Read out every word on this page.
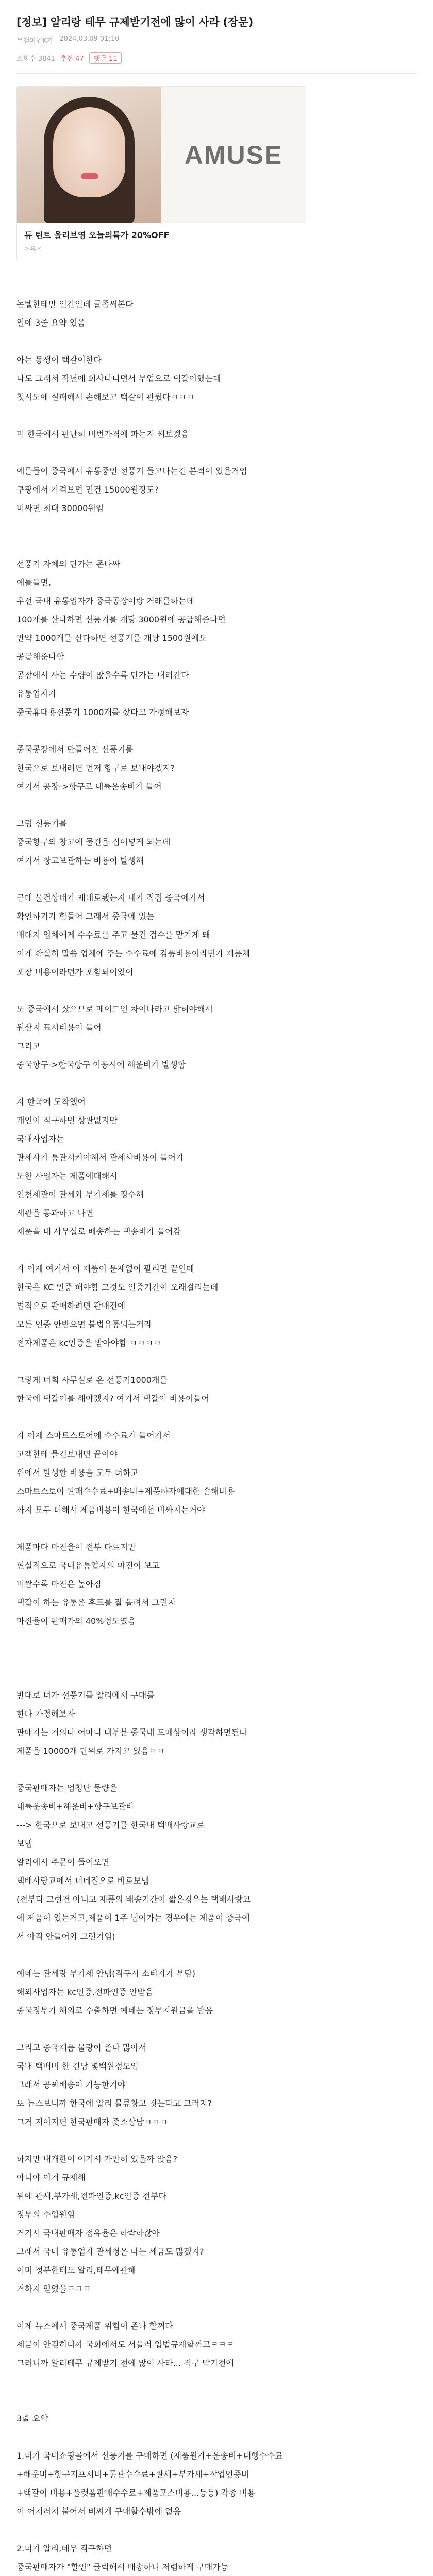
[정보] 알리랑 테무 규제받기전에 많이 사라 (장문)
무챔피언K가 2024.03.09 01:10
조회수 3841 추천 47	댓글 11
AMUSE
듀 틴트 올리브영 오늘의특가 20%OFF
어뮤즈

논텔한테만 인간인데 글좀써본다

일에 3줄 요약 있음

아는 동생이 택갈이한다

나도 그래서 작년에 회사다니면서 부업으로 택갈이했는데

첫시도에 실패해서 손해보고 택갈이 관뒀다ㅋㅋㅋ

미 한국에서 판난히 비번가격에 파는지 써보겠음

예를들어 중국에서 유통중인 선풍기 들고나는건 본적이 있을거임

쿠팡에서 가격보면 먼건 15000원정도?

비싸면 최대 30000원임

선풍기 자체의 단가는 존나싸

예를들면,

우선 국내 유통업자가 중국공장이랑 거래를하는데

100개를 산다하면 선풍기를 개당 3000원에 공급해준다면

만약 1000개를 산다하면 선풍기를 개당 1500원에도

공급해준다함

공장에서 사는 수량이 많을수록 단가는 내려간다

유통업자가

중국휴대용선풍기 1000개를 샀다고 가정해보자

중국공장에서 만들어진 선풍기를

한국으로 보내려면 먼저 항구로 보내야겠지?

여기서 공장->항구로 내륙운송비가 들어

그럼 선풍기를

중국항구의 창고에 물건을 집어넣게 되는데

여기서 창고보관하는 비용이 발생해

근데 물건상태가 제대로됐는지 내가 직접 중국에가서

확인하기가 힘들어 그래서 중국에 있는

배대지 업체에게 수수료를 주고 물건 검수를 맡기게 돼

이게 확실히 말씀 업체에 주는 수수료에 검품비용이라던가 제품체

포장 비용이라던가 포함되어있어

또 중국에서 샀으므로 메이드인 차이나라고 밝혀야해서

원산지 표시비용이 들어

그리고

중국항구->한국항구 이동시에 해운비가 발생함

자 한국에 도착했어

개인이 직구하면 상관없지만

국내사업자는

관세사가 통관시켜야해서 관세사비용이 들어가

또한 사업자는 제품에대해서

인천세관이 관세와 부가세를 징수해

세관을 통과하고 나면

제품을 내 사무실로 배송하는 택송비가 들어감

자 이제 여기서 이 제품이 문제없이 팔리면 끝인데

한국은 KC 인증 해야함 그것도 인증기간이 오래걸리는데

법적으로 판매하려면 판매전에

모든 인증 안받으면 불법유통되는거라

전자제품은 kc인증을 받아야함 ㅋㅋㅋㅋ

그렇게 너희 사무실로 온 선풍기1000개를

한국에 택갈이를 해야겠지? 여기서 택갈이 비용이들어

자 이제 스마트스토어에 수수료가 들어가서

고객한테 물건보내면 끝이야

위에서 발생한 비용을 모두 더하고

스마트스토어 판매수수료+배송비+제품하자에대한 손해비용

까지 모두 더해서 제품비용이 한국에선 비싸지는거야

제품마다 마진율이 전부 다르지만

현실적으로 국내유통업자의 마진이 보고

비쌀수록 마진은 높아짐

택갈이 하는 유통은 후트를 잘 돌려서 그런지

마진율이 판매가의 40%정도였음

반대로 너가 선풍기를 알리에서 구매를

한다 가정해보자

판매자는 거의다 어마니 대부분 중국내 도매상이라 생각하면된다

제품을 10000개 단위로 가지고 있음ㅋㅋ

중국판매자는 엄청난 물량을

내륙운송비+해운비+항구보관비

---> 한국으로 보내고 선풍기를 한국내 택배사랑교로

보냄

알리에서 주문이 들어오면

택배사랑교에서 너네집으로 바로보냄

(전부다 그런건 아니고 제품의 배송기간이 짧은경우는 택배사랑교

에 제품이 있는거고,제품이 1주 넘어가는 경우에는 제품이 중국에

서 아직 안들어와 그런거임)

예네는 관세랑 부가세 안냄(직구시 소비자가 부담)

해외사업자는 kc인증,전파인증 안받음

중국정부가 해외로 수출하면 예네는 정부지원금을 받음

그리고 중국제품 물량이 존나 많아서

국내 택배비 한 건당 몇백원정도임

그래서 공짜배송이 가능한거야

또 뉴스보니까 한국에 알리 물류창고 짓는다고 그러지?

그거 지어지면 한국판매자 좆소상남ㅋㅋㅋ

하지만 내개한이 여기서 가만히 있을까 앉음?

아니야 이거 규제해

위에 관세,부가세,전파인증,kc인증 전부다

정부의 수입원임

거기서 국내판매자 점유율은 하락하잖아

그래서 국내 유통업자 관세청은 나는 세금도 많겠지?

이미 정부한테도 알리,테무에관해

거하지 얻었을ㅋㅋㅋ

이제 뉴스에서 중국제품 위험이 존나 할꺼다

세금이 안걷히니까 국회에서도 서둘러 입법규제할꺼고ㅋㅋㅋ

그러니까 알리테무 규제받기 전에 많이 사라... 직구 막기전에

3줄 요약

1.너가 국내쇼핑몰에서 선풍기를 구매하면 (제품원가+운송비+대행수수료

+해운비+항구지프서비+통관수수료+관세+부가세+작업인증비

+택갈이 비용+플랫폼판매수수료+제품포스비용...등등) 각종 비용

이 어지러지 붙어서 비싸게 구매할수밖에 없음

2.너가 알리,테무 직구하면

중국판매자가 "할인" 클릭해서 배송하니 저렴하게 구매가능
